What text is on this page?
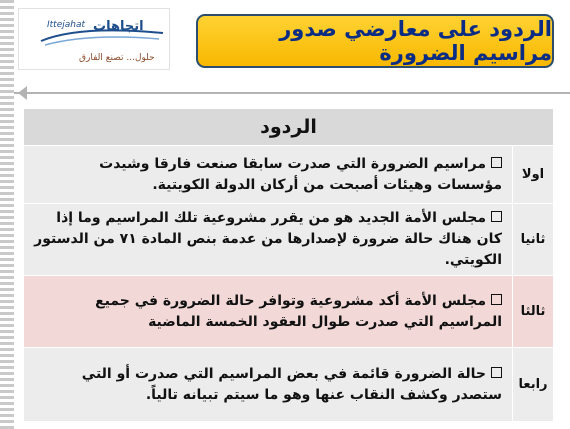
اتجاهات
Ittejahat
حلول... تصنع الفارق
الردود على معارضي صدور مراسيم الضرورة
الردود	
اولا	مراسيم الضرورة التي صدرت سابقا صنعت فارقا وشيدت مؤسسات وهيئات أصبحت من أركان الدولة الكويتية.
ثانيا	مجلس الأمة الجديد هو من يقرر مشروعية تلك المراسيم وما إذا كان هناك حالة ضرورة لإصدارها من عدمة بنص المادة ٧١ من الدستور الكويتي.
ثالثا	مجلس الأمة أكد مشروعية وتوافر حالة الضرورة في جميع المراسيم التي صدرت طوال العقود الخمسة الماضية
رابعا	حالة الضرورة قائمة في بعض المراسيم التي صدرت أو التي ستصدر وكشف النقاب عنها وهو ما سيتم تبيانه تالياً.
